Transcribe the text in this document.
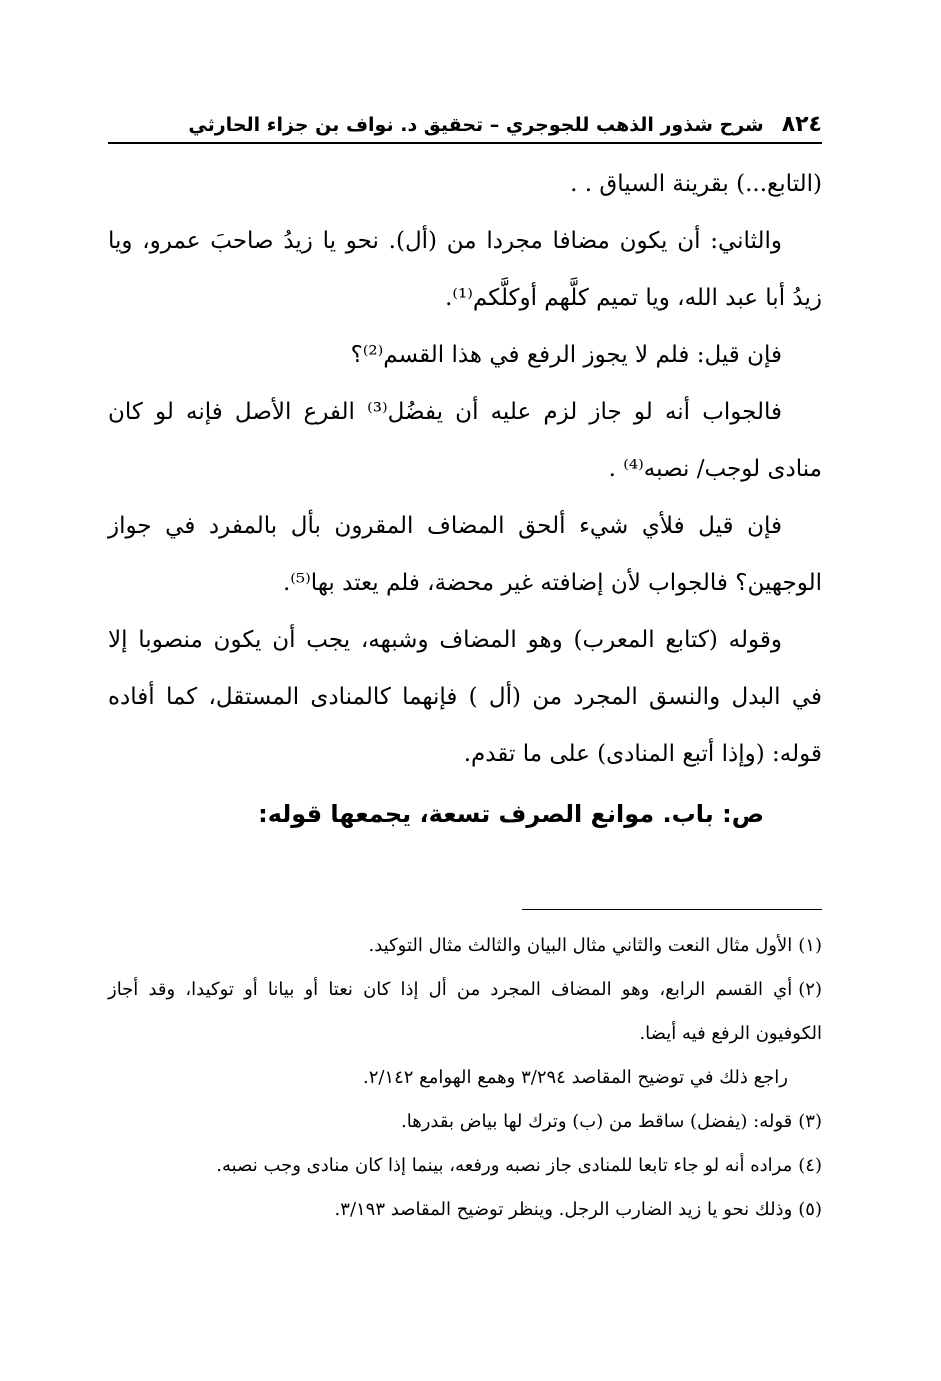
٨٢٤
شرح شذور الذهب للجوجري – تحقيق د. نواف بن جزاء الحارثي

(التابع...) بقرينة السياق . .

والثاني: أن يكون مضافا مجردا من (أل). نحو يا زيدُ صاحبَ عمرو، ويا زيدُ أبا عبد الله، ويا تميم كلَّهم أوكلَّكم⁽¹⁾.

فإن قيل: فلم لا يجوز الرفع في هذا القسم⁽²⁾؟

فالجواب أنه لو جاز لزم عليه أن يفضُل⁽³⁾ الفرع الأصل فإنه لو كان منادى لوجب/ نصبه⁽⁴⁾ .

فإن قيل فلأي شيء ألحق المضاف المقرون بأل بالمفرد في جواز الوجهين؟ فالجواب لأن إضافته غير محضة، فلم يعتد بها⁽⁵⁾.

وقوله (كتابع المعرب) وهو المضاف وشبهه، يجب أن يكون منصوبا إلا في البدل والنسق المجرد من (أل ) فإنهما كالمنادى المستقل، كما أفاده قوله: (وإذا أتبع المنادى) على ما تقدم.

ص: باب. موانع الصرف تسعة، يجمعها قوله:

(١)الأول مثال النعت والثاني مثال البيان والثالث مثال التوكيد.

(٢)أي القسم الرابع، وهو المضاف المجرد من أل إذا كان نعتا أو بيانا أو توكيدا، وقد أجاز الكوفيون الرفع فيه أيضا.

راجع ذلك في توضيح المقاصد ٣/٢٩٤ وهمع الهوامع ٢/١٤٢.

(٣)قوله: (يفضل) ساقط من (ب) وترك لها بياض بقدرها.

(٤)مراده أنه لو جاء تابعا للمنادى جاز نصبه ورفعه، بينما إذا كان منادى وجب نصبه.

(٥)وذلك نحو يا زيد الضارب الرجل. وينظر توضيح المقاصد ٣/١٩٣.
